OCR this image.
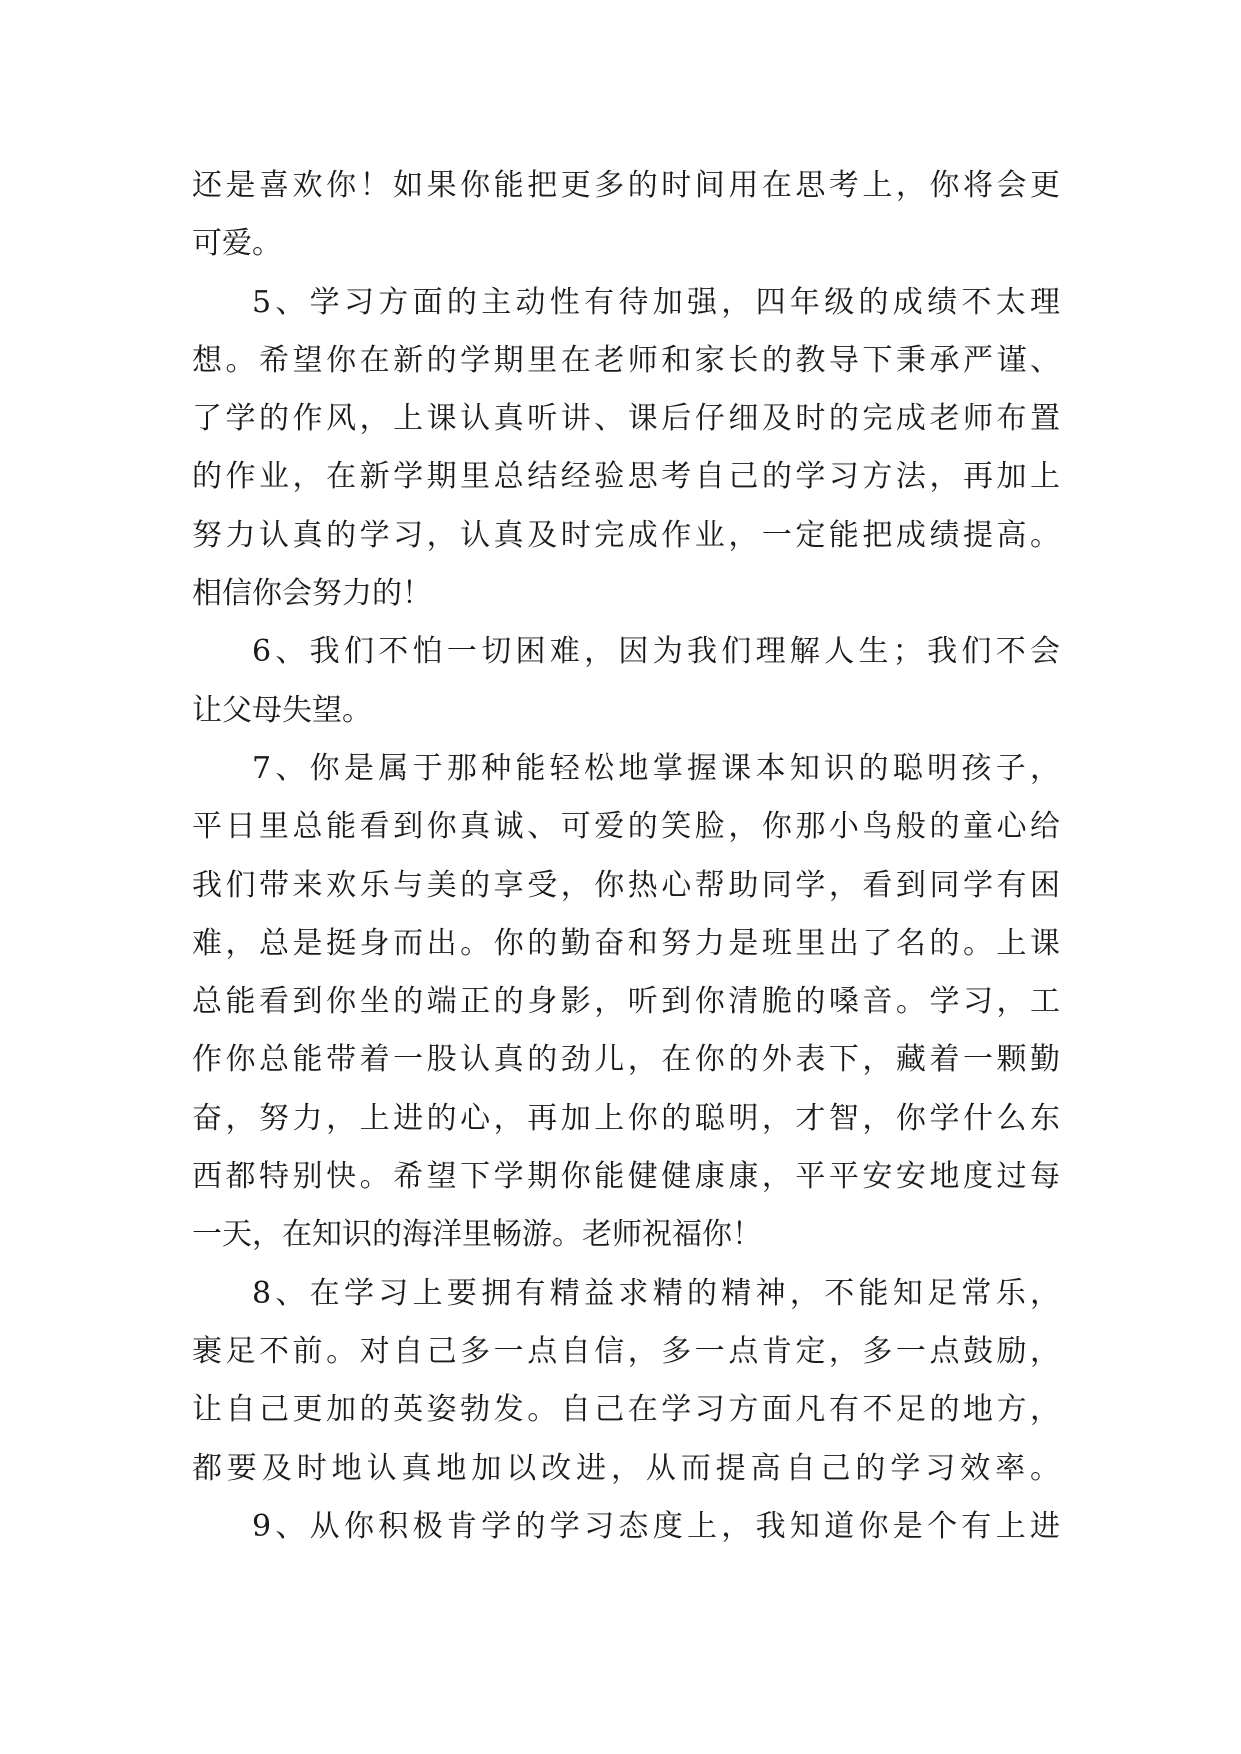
还是喜欢你！如果你能把更多的时间用在思考上，你将会更
可爱。
5、学习方面的主动性有待加强，四年级的成绩不太理
想。希望你在新的学期里在老师和家长的教导下秉承严谨、
了学的作风，上课认真听讲、课后仔细及时的完成老师布置
的作业，在新学期里总结经验思考自己的学习方法，再加上
努力认真的学习，认真及时完成作业，一定能把成绩提高。
相信你会努力的！
6、我们不怕一切困难，因为我们理解人生；我们不会
让父母失望。
7、你是属于那种能轻松地掌握课本知识的聪明孩子，
平日里总能看到你真诚、可爱的笑脸，你那小鸟般的童心给
我们带来欢乐与美的享受，你热心帮助同学，看到同学有困
难，总是挺身而出。你的勤奋和努力是班里出了名的。上课
总能看到你坐的端正的身影，听到你清脆的嗓音。学习，工
作你总能带着一股认真的劲儿，在你的外表下，藏着一颗勤
奋，努力，上进的心，再加上你的聪明，才智，你学什么东
西都特别快。希望下学期你能健健康康，平平安安地度过每
一天，在知识的海洋里畅游。老师祝福你！
8、在学习上要拥有精益求精的精神，不能知足常乐，
裹足不前。对自己多一点自信，多一点肯定，多一点鼓励，
让自己更加的英姿勃发。自己在学习方面凡有不足的地方，
都要及时地认真地加以改进，从而提高自己的学习效率。
9、从你积极肯学的学习态度上，我知道你是个有上进
